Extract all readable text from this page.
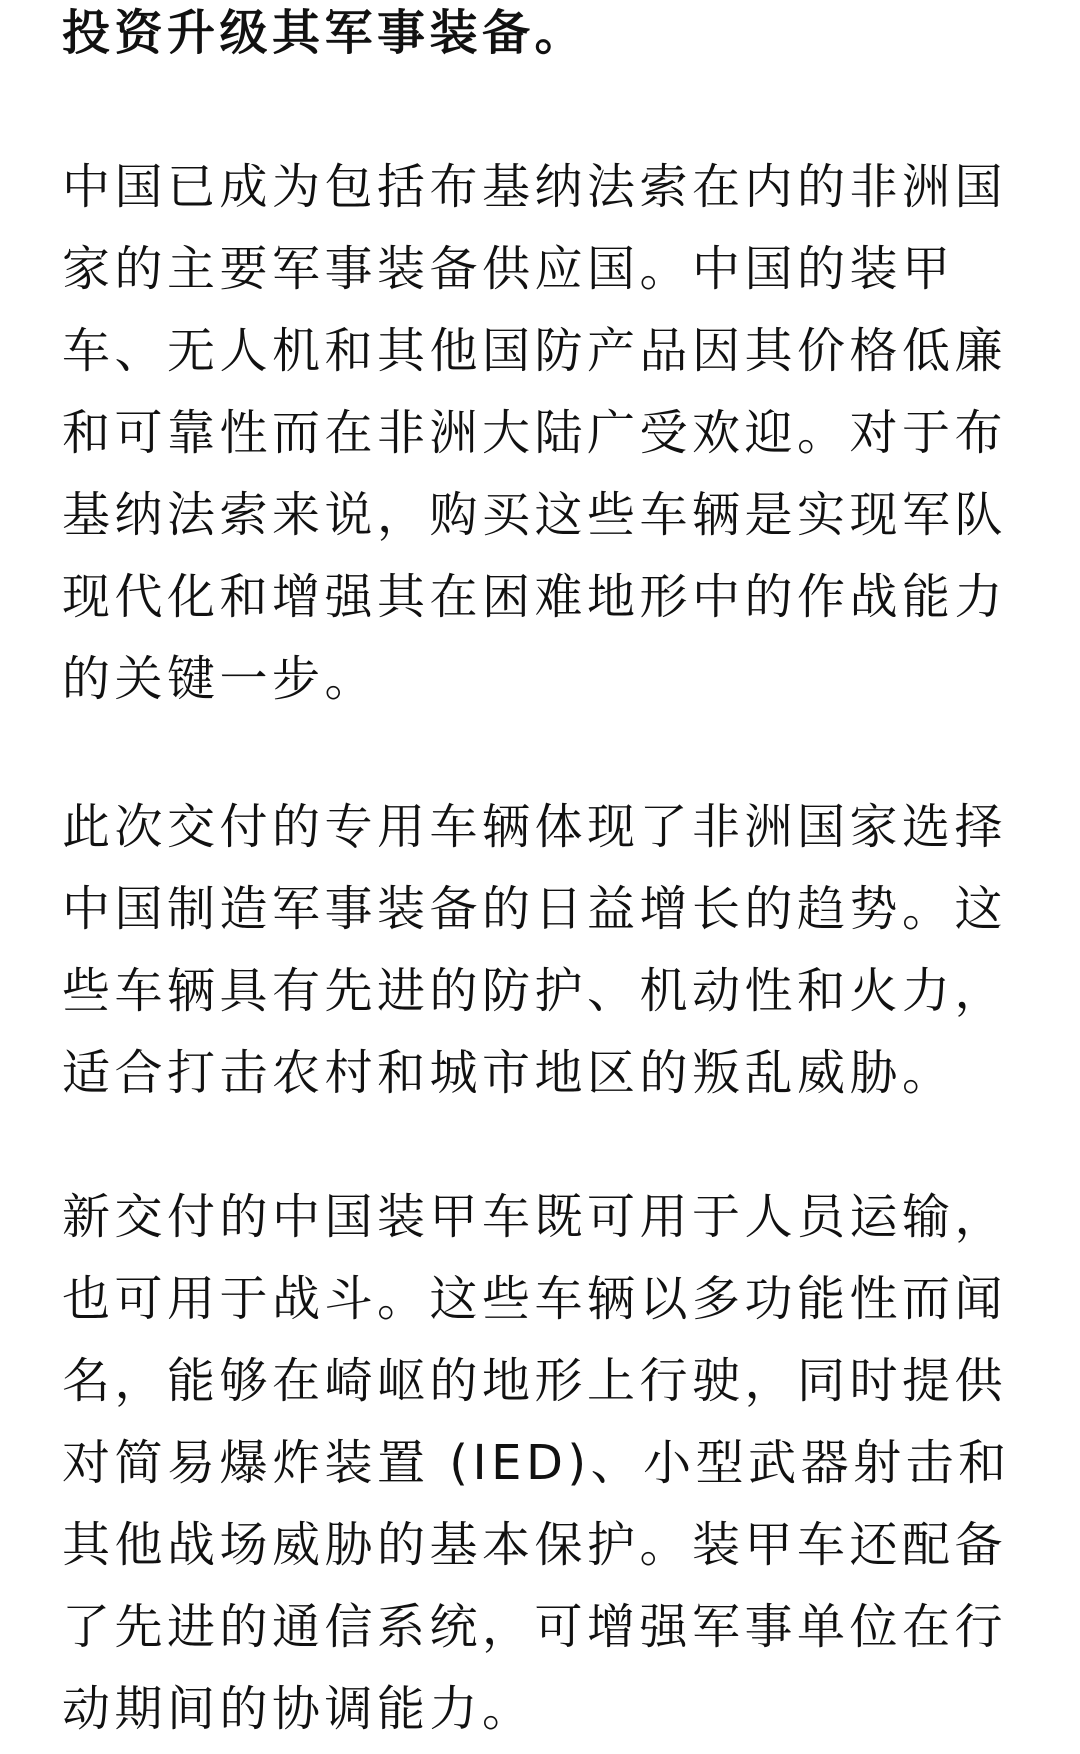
投资升级其军事装备。

中国已成为包括布基纳法索在内的非洲国家的主要军事装备供应国。中国的装甲车、无人机和其他国防产品因其价格低廉和可靠性而在非洲大陆广受欢迎。对于布基纳法索来说，购买这些车辆是实现军队现代化和增强其在困难地形中的作战能力的关键一步。

此次交付的专用车辆体现了非洲国家选择中国制造军事装备的日益增长的趋势。这些车辆具有先进的防护、机动性和火力，适合打击农村和城市地区的叛乱威胁。

新交付的中国装甲车既可用于人员运输，也可用于战斗。这些车辆以多功能性而闻名，能够在崎岖的地形上行驶，同时提供对简易爆炸装置 (IED)、小型武器射击和其他战场威胁的基本保护。装甲车还配备了先进的通信系统，可增强军事单位在行动期间的协调能力。
